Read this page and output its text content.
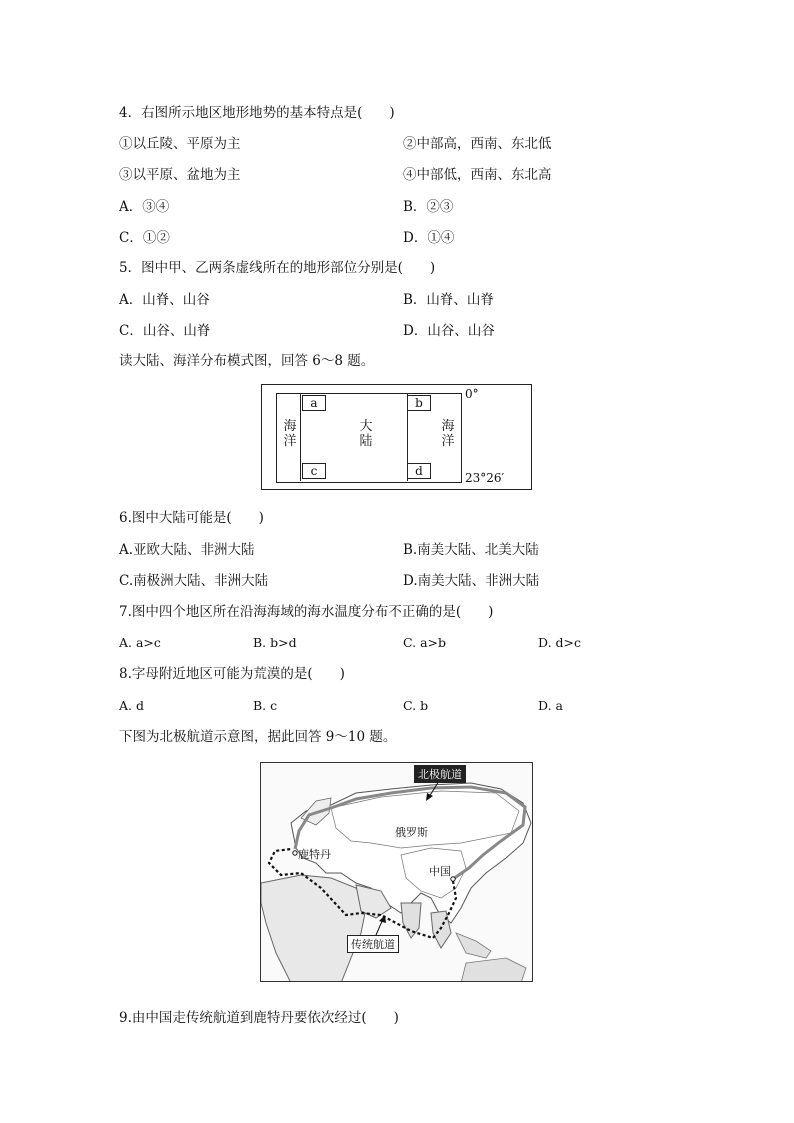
4．右图所示地区地形地势的基本特点是(　　)
①以丘陵、平原为主	②中部高，西南、东北低
③以平原、盆地为主	④中部低，西南、东北高
A．③④	B．②③
C．①②	D．①④
5．图中甲、乙两条虚线所在的地形部位分别是(　　)
A．山脊、山谷	B．山脊、山脊
C．山谷、山脊	D．山谷、山谷
读大陆、海洋分布模式图，回答 6～8 题。
海
洋
海
洋
大
陆
a	b
c	d
0°
23°26′
6.图中大陆可能是(　　)
A.亚欧大陆、非洲大陆	B.南美大陆、北美大陆
C.南极洲大陆、非洲大陆	D.南美大陆、非洲大陆
7.图中四个地区所在沿海海域的海水温度分布不正确的是(　　)
A. a>c	B. b>d	C. a>b	D. d>c
8.字母附近地区可能为荒漠的是(　　)
A. d	B. c	C. b	D. a
下图为北极航道示意图，据此回答 9～10 题。
北极航道
俄罗斯
鹿特丹
中国
传统航道
9.由中国走传统航道到鹿特丹要依次经过(　　)
